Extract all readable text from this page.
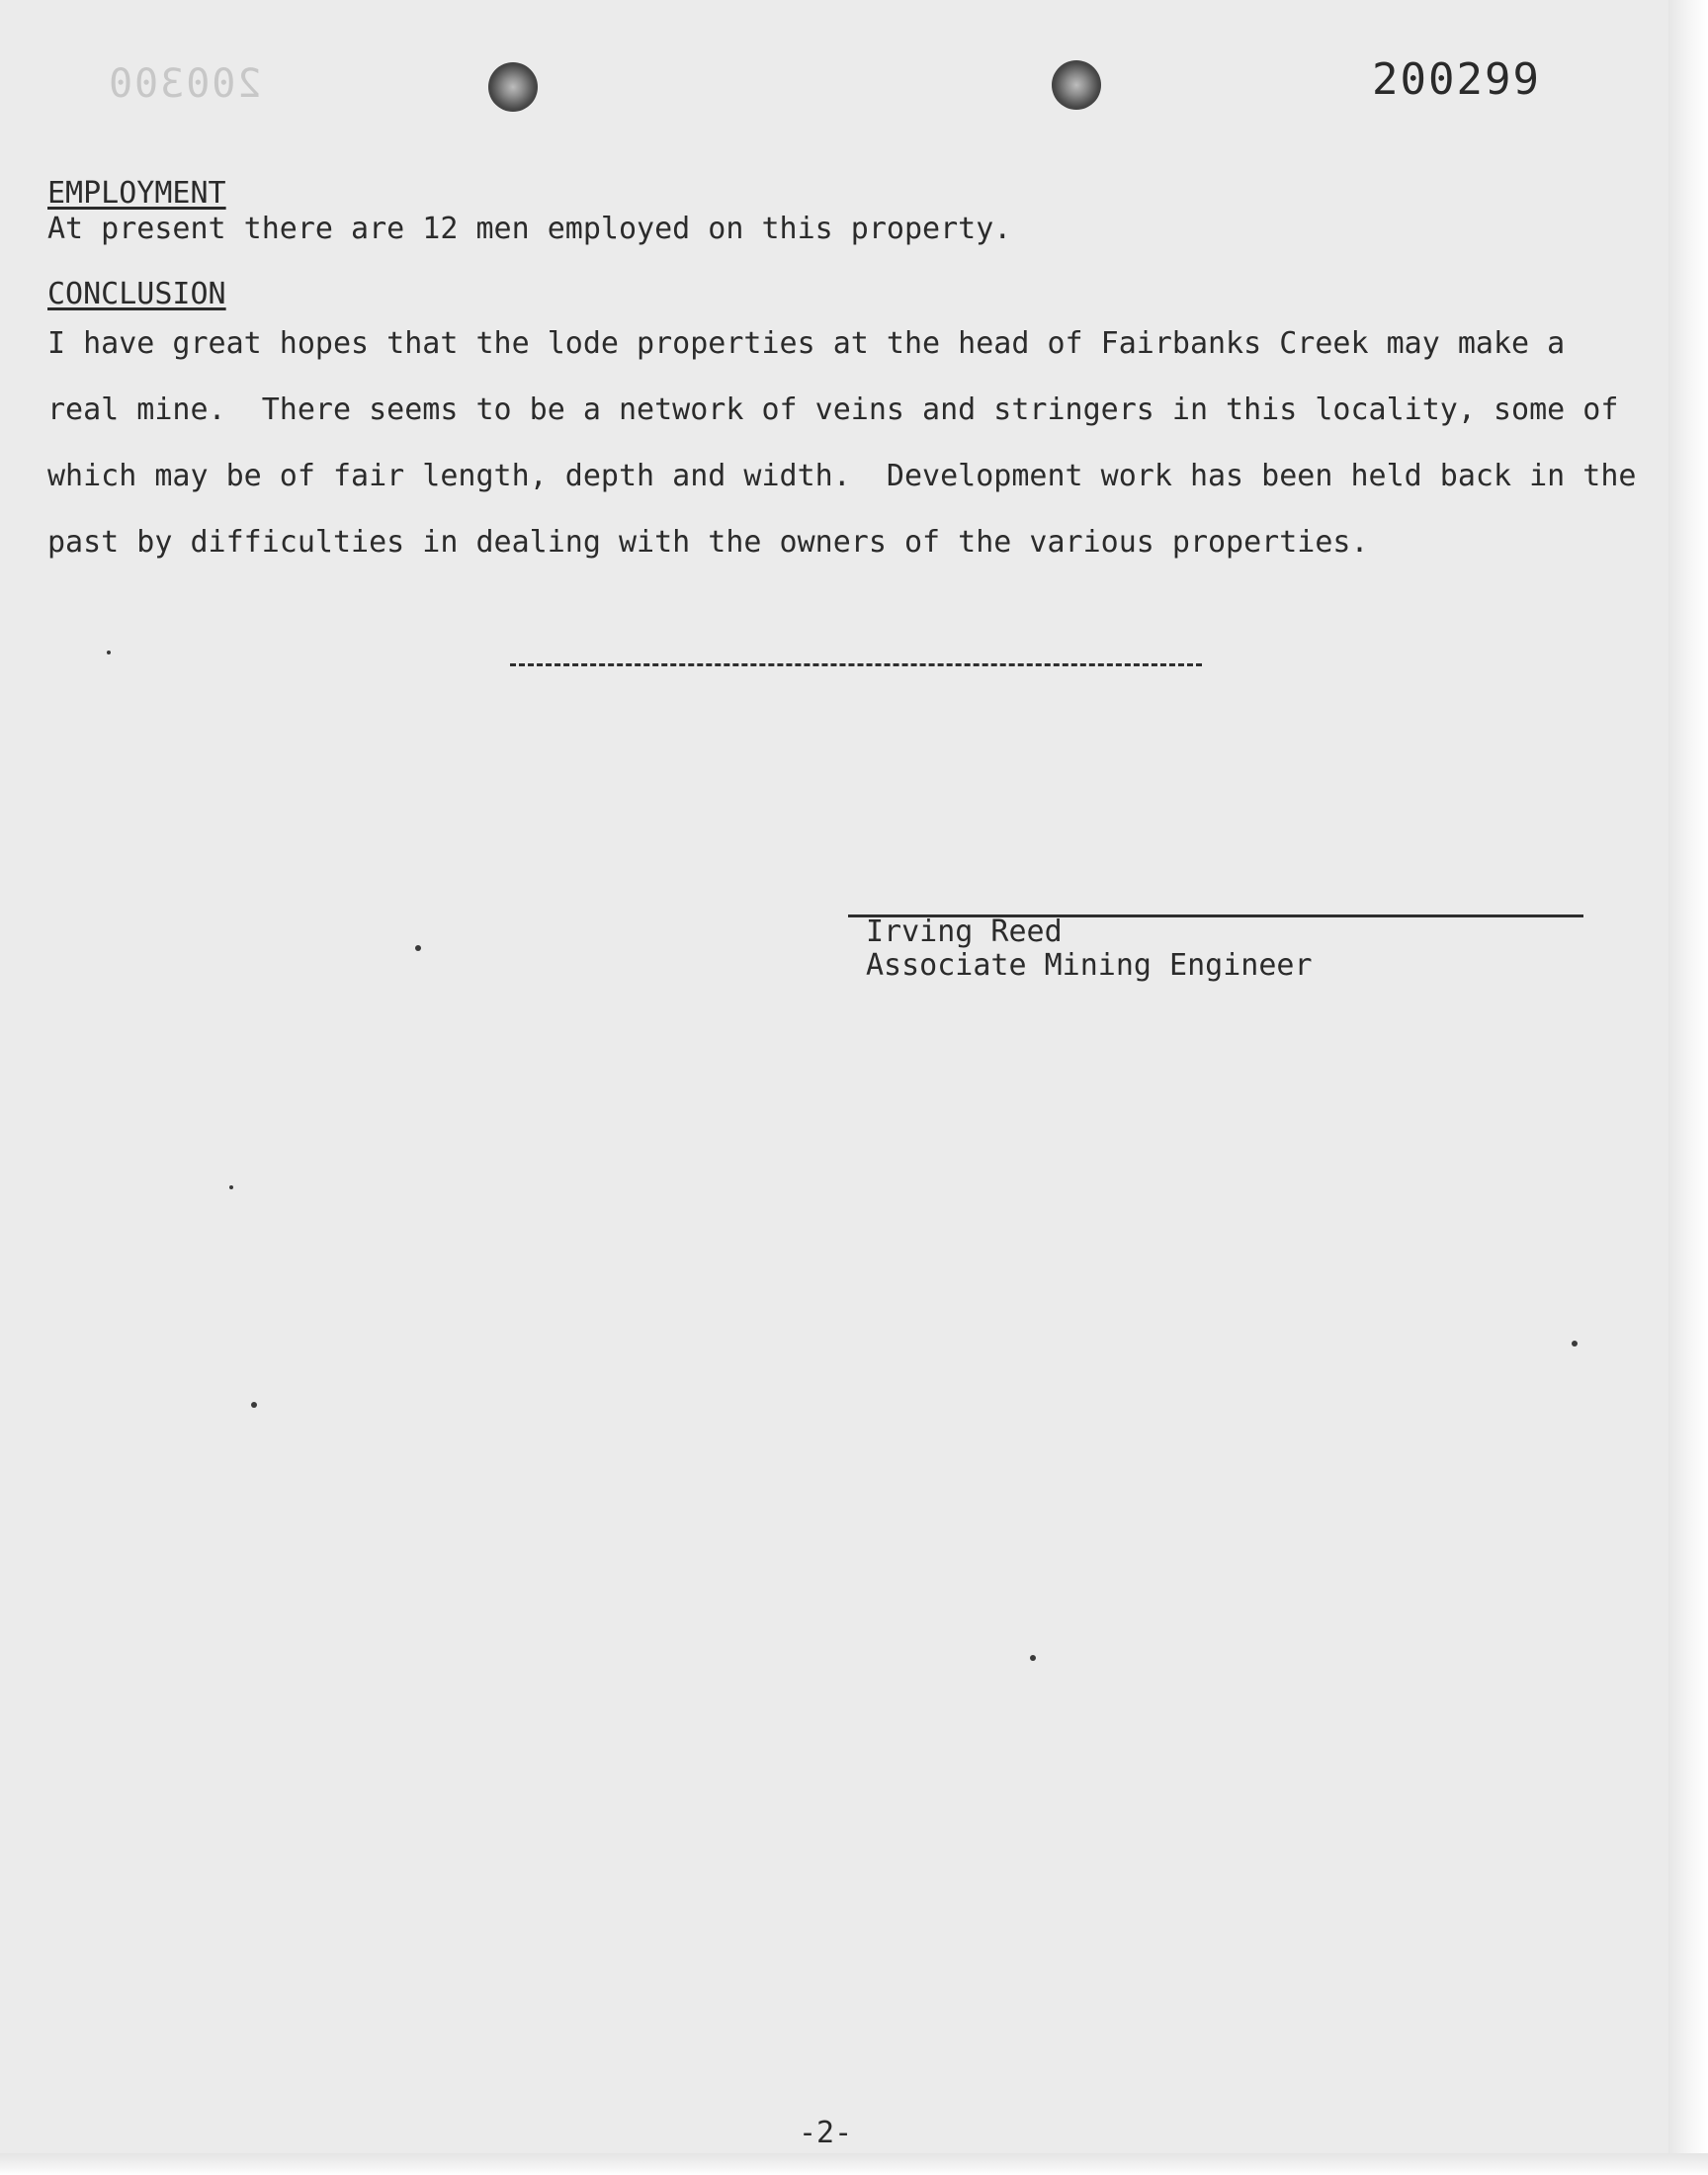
200300	200299
EMPLOYMENT
At present there are 12 men employed on this property.
CONCLUSION
I have great hopes that the lode properties at the head of Fairbanks Creek may make a
real mine.  There seems to be a network of veins and stringers in this locality, some of
which may be of fair length, depth and width.  Development work has been held back in the
past by difficulties in dealing with the owners of the various properties.
Irving Reed
Associate Mining Engineer
-2-
